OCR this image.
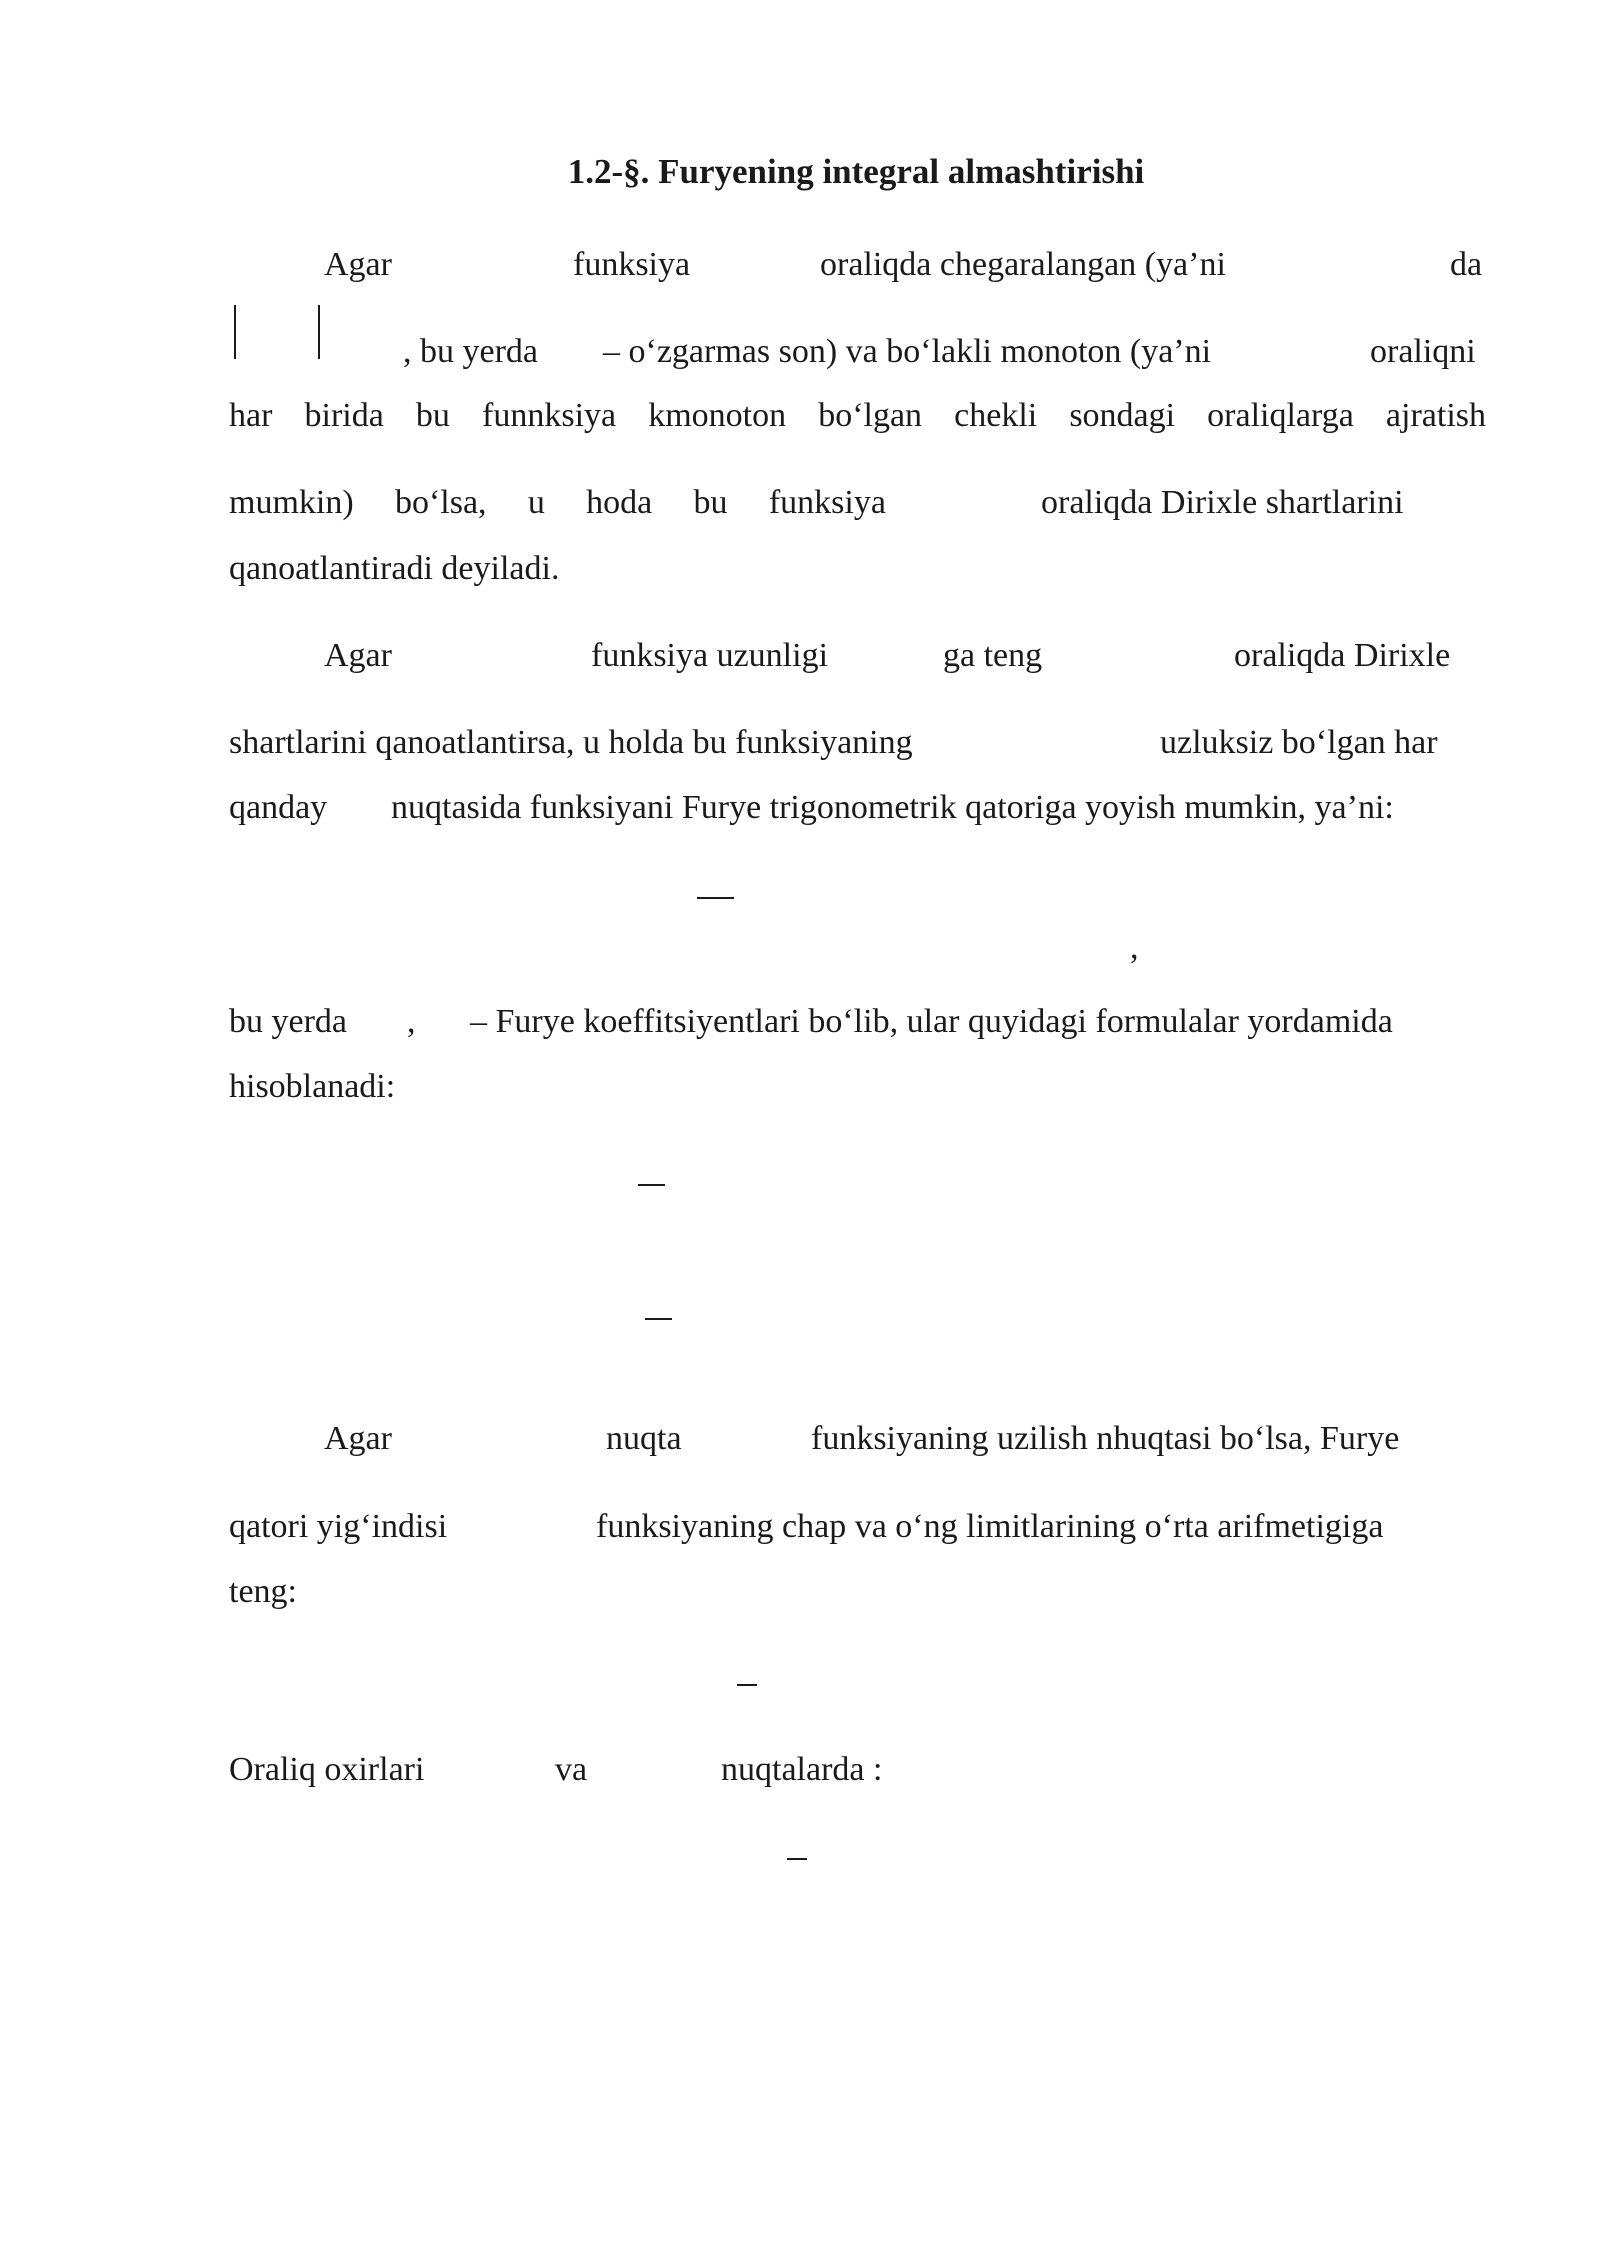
1.2-§. Furyening integral almashtirishi
Agar	funksiya	oraliqda chegaralangan (ya’ni	da
, bu yerda – o‘zgarmas son) va bo‘lakli monoton (ya’ni	oraliqni
har birida bu funnksiya kmonoton bo‘lgan chekli sondagi oraliqlarga ajratish
mumkin) bo‘lsa, u hoda bu funksiya	oraliqda Dirixle shartlarini
qanoatlantiradi deyiladi.
Agar	funksiya uzunligi	ga teng	oraliqda Dirixle
shartlarini qanoatlantirsa, u holda bu funksiyaning	uzluksiz bo‘lgan har
qanday nuqtasida funksiyani Furye trigonometrik qatoriga yoyish mumkin, ya’ni:
,
bu yerda , – Furye koeffitsiyentlari bo‘lib, ular quyidagi formulalar yordamida
hisoblanadi:
Agar	nuqta	funksiyaning uzilish nhuqtasi bo‘lsa, Furye
qatori yig‘indisi	funksiyaning chap va o‘ng limitlarining o‘rta arifmetigiga
teng:
Oraliq oxirlari	va	nuqtalarda :
